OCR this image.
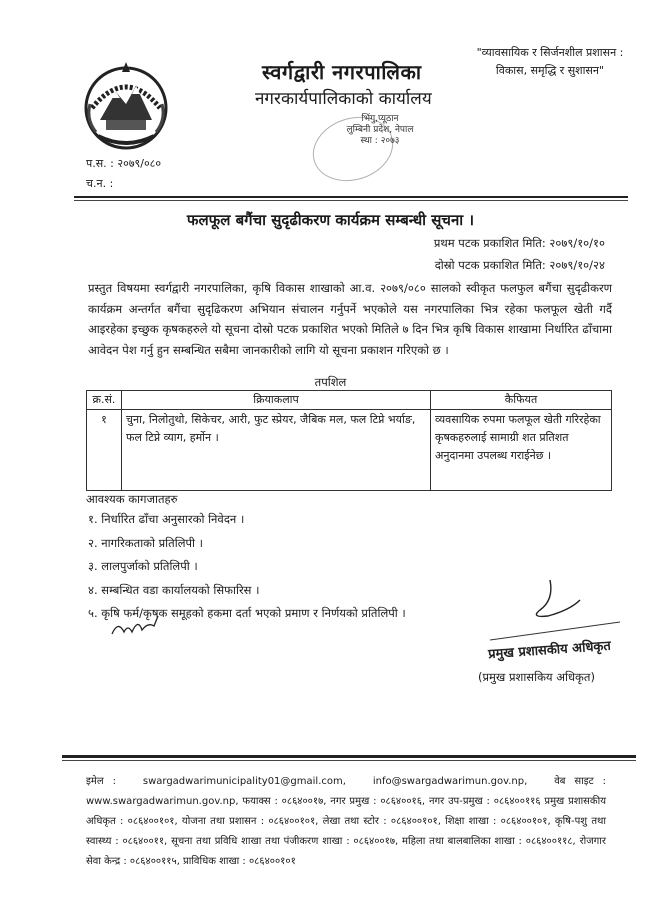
स्वर्गद्वारी नगरपालिका
नगरकार्यपालिकाको कार्यालय
भिंगु,प्यूठान
लुम्बिनी प्रदेश, नेपाल
स्था : २०७३
"व्यावसायिक र सिर्जनशील प्रशासन :
विकास, समृद्धि र सुशासन"
प.स. : २०७९/०८०
च.न. :
फलफूल बगैंचा सुदृढीकरण कार्यक्रम सम्बन्धी सूचना ।
प्रथम पटक प्रकाशित मिति: २०७९/१०/१०
दोस्रो पटक प्रकाशित मिति: २०७९/१०/२४
प्रस्तुत विषयमा स्वर्गद्वारी नगरपालिका, कृषि विकास शाखाको आ.व. २०७९/०८० सालको स्वीकृत फलफुल बगैंचा सुदृढीकरण कार्यक्रम अन्तर्गत बगैंचा सुदृढिकरण अभियान संचालन गर्नुपर्ने भएकोले यस नगरपालिका भित्र रहेका फलफूल खेती गर्दै आइरहेका इच्छुक कृषकहरुले यो सूचना दोस्रो पटक प्रकाशित भएको मितिले ७ दिन भित्र कृषि विकास शाखामा निर्धारित ढाँचामा आवेदन पेश गर्नु हुन सम्बन्धित सबैमा जानकारीको लागि यो सूचना प्रकाशन गरिएको छ ।
तपशिल
क्र.सं.	क्रियाकलाप	कैफियत
१	चुना, निलोतुथो, सिकेचर, आरी, फुट स्प्रेयर, जैबिक मल, फल टिप्ने भर्याङ, फल टिप्ने व्याग, हर्मोन ।	व्यवसायिक रुपमा फलफूल खेती गरिरहेका कृषकहरुलाई सामाग्री शत प्रतिशत अनुदानमा उपलब्ध गराईनेछ ।
आवश्यक कागजातहरु
१. निर्धारित ढाँचा अनुसारको निवेदन ।
२. नागरिकताको प्रतिलिपी ।
३. लालपुर्जाको प्रतिलिपी ।
४. सम्बन्धित वडा कार्यालयको सिफारिस ।
५. कृषि फर्म/कृषक समूहको हकमा दर्ता भएको प्रमाण र निर्णयको प्रतिलिपी ।
प्रमुख प्रशासकीय अधिकृत
(प्रमुख प्रशासकिय अधिकृत)
इमेल :	swargadwarimunicipality01@gmail.com,	info@swargadwarimun.gov.np,	वेब साइट : www.swargadwarimun.gov.np, फयाक्स : ०८६४००१७, नगर प्रमुख : ०८६४००१६, नगर उप-प्रमुख : ०८६४००११६ प्रमुख प्रशासकीय अधिकृत : ०८६४००१०१, योजना तथा प्रशासन : ०८६४००१०१, लेखा तथा स्टोर : ०८६४००१०१, शिक्षा शाखा : ०८६४००१०१, कृषि-पशु तथा स्वास्थ्य : ०८६४००११, सूचना तथा प्रविधि शाखा तथा पंजीकरण शाखा : ०८६४००१७, महिला तथा बालबालिका शाखा : ०८६४००११८, रोजगार सेवा केन्द्र : ०८६४००११५, प्राविधिक शाखा : ०८६४००१०१
